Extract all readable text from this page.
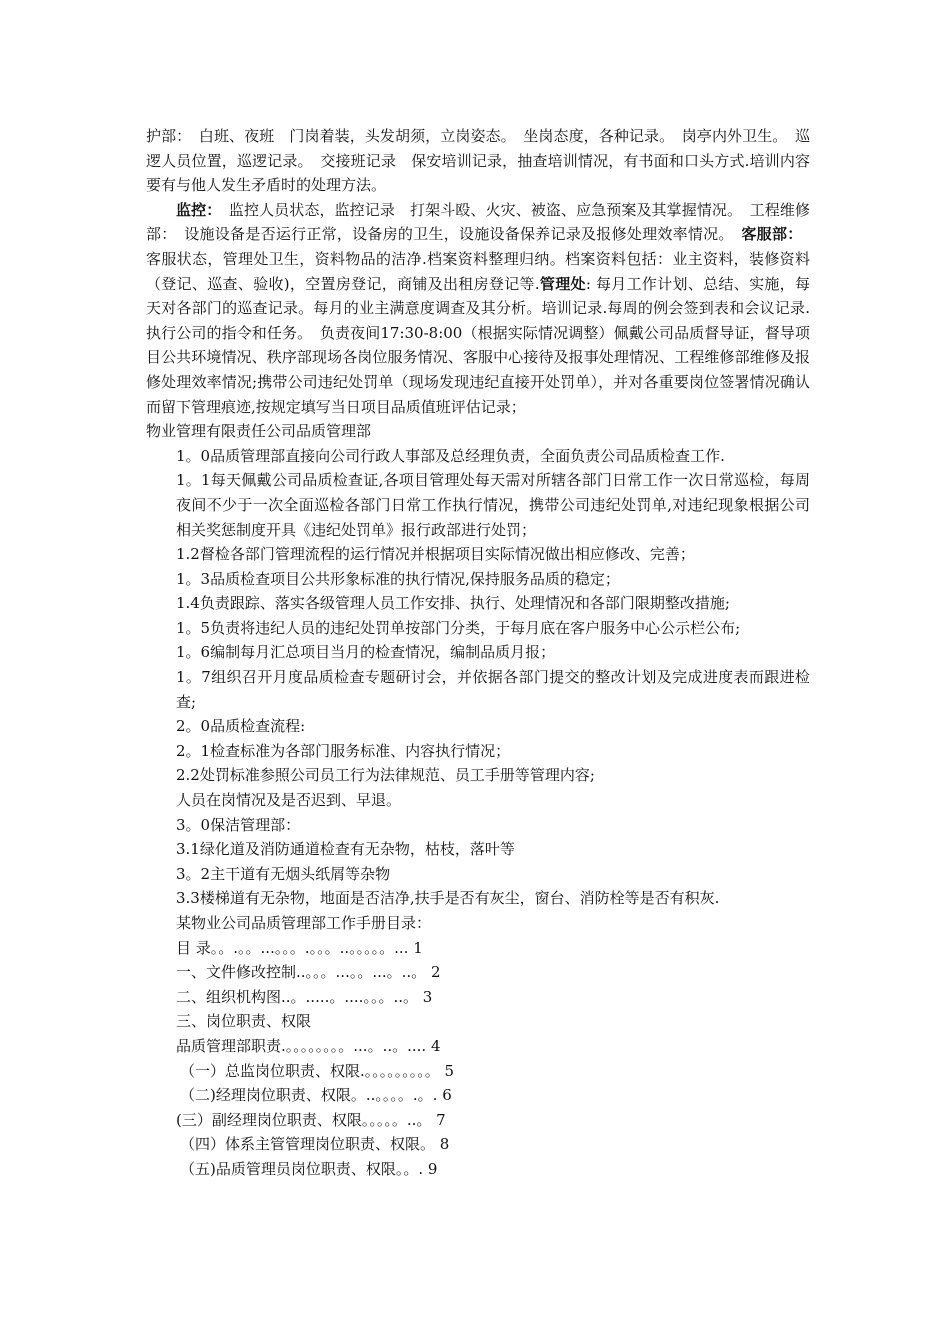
护部：　白班、夜班　门岗着装，头发胡须，立岗姿态。　坐岗态度，各种记录。　岗亭内外卫生。　巡逻人员位置，巡逻记录。　交接班记录　保安培训记录，抽查培训情况，有书面和口头方式.培训内容要有与他人发生矛盾时的处理方法。

监控：　监控人员状态，监控记录　打架斗殴、火灾、被盗、应急预案及其掌握情况。　工程维修部：　设施设备是否运行正常，设备房的卫生，设施设备保养记录及报修处理效率情况。　客服部：　客服状态，管理处卫生，资料物品的洁净.档案资料整理归纳。档案资料包括：业主资料，装修资料（登记、巡查、验收)，空置房登记，商铺及出租房登记等.管理处: 每月工作计划、总结、实施，每天对各部门的巡查记录。每月的业主满意度调查及其分析。培训记录.每周的例会签到表和会议记录.执行公司的指令和任务。　负责夜间17:30-8:00（根据实际情况调整）佩戴公司品质督导证，督导项目公共环境情况、秩序部现场各岗位服务情况、客服中心接待及报事处理情况、工程维修部维修及报修处理效率情况;携带公司违纪处罚单（现场发现违纪直接开处罚单），并对各重要岗位签署情况确认而留下管理痕迹,按规定填写当日项目品质值班评估记录；

物业管理有限责任公司品质管理部

1。0品质管理部直接向公司行政人事部及总经理负责，全面负责公司品质检查工作.

1。1每天佩戴公司品质检查证,各项目管理处每天需对所辖各部门日常工作一次日常巡检，每周夜间不少于一次全面巡检各部门日常工作执行情况，携带公司违纪处罚单,对违纪现象根据公司相关奖惩制度开具《违纪处罚单》报行政部进行处罚；

1.2督检各部门管理流程的运行情况并根据项目实际情况做出相应修改、完善；

1。3品质检查项目公共形象标准的执行情况,保持服务品质的稳定；

1.4负责跟踪、落实各级管理人员工作安排、执行、处理情况和各部门限期整改措施;

1。5负责将违纪人员的违纪处罚单按部门分类，于每月底在客户服务中心公示栏公布;

1。6编制每月汇总项目当月的检查情况，编制品质月报；

1。7组织召开月度品质检查专题研讨会，并依据各部门提交的整改计划及完成进度表而跟进检查;

2。0品质检查流程:

2。1检查标准为各部门服务标准、内容执行情况；

2.2处罚标准参照公司员工行为法律规范、员工手册等管理内容;

人员在岗情况及是否迟到、早退。

3。0保洁管理部：

3.1绿化道及消防通道检查有无杂物，枯枝，落叶等

3。2主干道有无烟头纸屑等杂物

3.3楼梯道有无杂物，地面是否洁净,扶手是否有灰尘，窗台、消防栓等是否有积灰.

某物业公司品质管理部工作手册目录：

目 录。。.。。...。。。.。。。..。。。。。... 1

一、文件修改控制..。。。...。。...。..。 2

二、组织机构图..。.....。....。。。..。 3

三、岗位职责、权限

品质管理部职责.。。。。。。。。...。..。.... 4

（一）总监岗位职责、权限.。。。。。。。。。 5

（二)经理岗位职责、权限。..。。。。.。. 6

(三）副经理岗位职责、权限。。。。。..。 7

（四）体系主管管理岗位职责、权限。 8

（五)品质管理员岗位职责、权限。。. 9
